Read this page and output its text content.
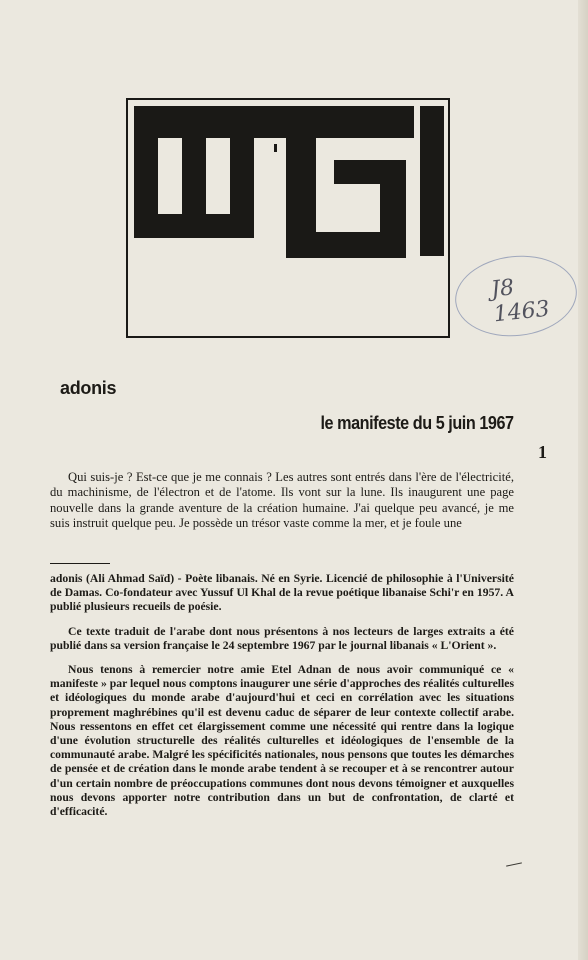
J8 1463
adonis
le manifeste du 5 juin 1967
1

Qui suis-je ? Est-ce que je me connais ? Les autres sont entrés dans l'ère de l'électricité, du machinisme, de l'électron et de l'atome. Ils vont sur la lune. Ils inaugurent une page nouvelle dans la grande aventure de la création humaine. J'ai quelque peu avancé, je me suis instruit quelque peu. Je possède un trésor vaste comme la mer, et je foule une

adonis (Ali Ahmad Saïd) - Poète libanais. Né en Syrie. Licencié de philosophie à l'Université de Damas. Co-fondateur avec Yussuf Ul Khal de la revue poétique libanaise Schi'r en 1957. A publié plusieurs recueils de poésie.

Ce texte traduit de l'arabe dont nous présentons à nos lecteurs de larges extraits a été publié dans sa version française le 24 septembre 1967 par le journal libanais « L'Orient ».

Nous tenons à remercier notre amie Etel Adnan de nous avoir communiqué ce « manifeste » par lequel nous comptons inaugurer une série d'approches des réalités culturelles et idéologiques du monde arabe d'aujourd'hui et ceci en corrélation avec les situations proprement maghrébines qu'il est devenu caduc de séparer de leur contexte collectif arabe. Nous ressentons en effet cet élargissement comme une nécessité qui rentre dans la logique d'une évolution structurelle des réalités culturelles et idéologiques de l'ensemble de la communauté arabe. Malgré les spécificités nationales, nous pensons que toutes les démarches de pensée et de création dans le monde arabe tendent à se recouper et à se rencontrer autour d'un certain nombre de préoccupations communes dont nous devons témoigner et auxquelles nous devons apporter notre contribution dans un but de confrontation, de clarté et d'efficacité.
